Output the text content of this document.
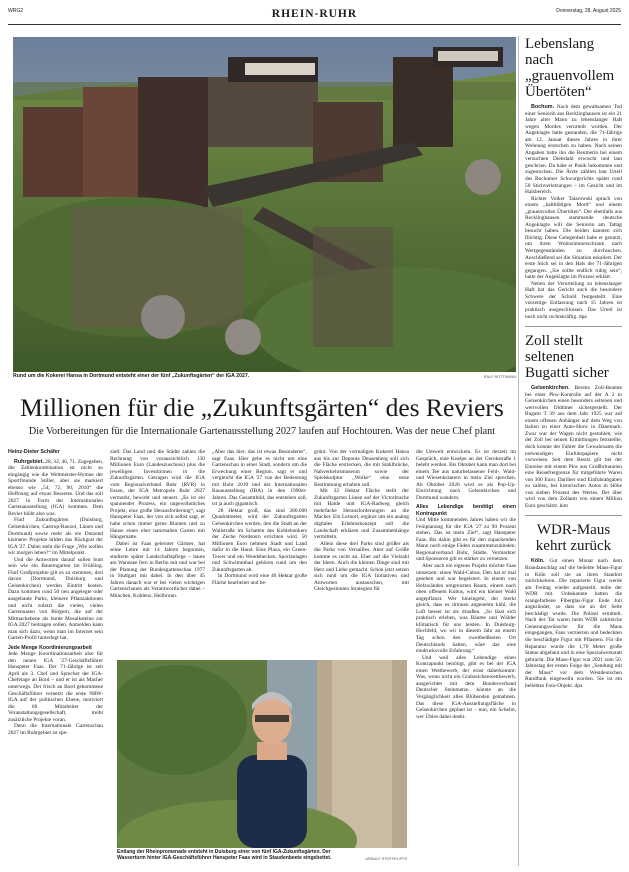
WRG2	Donnerstag, 28. August 2025
RHEIN-RUHR
Rund um die Kokerei Hansa in Dortmund entsteht einer der fünf „Zukunftsgärten“ der IGA 2027.	RALF ROTTMANN
Millionen für die „Zukunftsgärten“ des Reviers
Die Vorbereitungen für die Internationale Gartenausstellung 2027 laufen auf Hochtouren. Was der neue Chef plant
Heinz-Dieter Schäfer

Ruhrgebiet. 28, 32, 46, 71. Zugegeben, die Zahlenkombination ist nicht so eingängig wie die Weltmeister-Hymne der Sportfreunde Stiller, aber sie markiert ebenso wie „54, 72, 90, 2010“ die Hoffnung auf etwas Besseres. Und das soll 2027 in Form der Internationalen Gartenausstellung (IGA) kommen. Dem Revier blüht also was.

Fünf Zukunftsgärten (Duisburg, Gelsenkirchen, Castrop-Rauxel, Lünen und Dortmund) sowie mehr als ein Dutzend kleinerer Projekte bilden das Rückgrat der IGA '27. Dabei steht die Frage „Wie wollen wir morgen leben?“ im Mittelpunkt.

Und die Antworten darauf sollen bunt sein wie ein Bauerngarten im Frühling. Fünf Großprojekte gilt es zu stemmen, drei davon (Dortmund, Duisburg und Gelsenkirchen) werden Eintritt kosten. Dazu kommen rund 50 neu angelegte oder ausgebaute Parks, kleinere Pflanzaktionen und nicht zuletzt die vielen, vielen Gartenoasen von Bürgern, die auf der Mitmachebene als bunte Mosaiksteine zur IGA 2027 beitragen sollen. Anmelden kann man sich dazu, wenn man im Internet sein Garten-Profil hinterlegt hat.

Jede Menge Koordinierungsarbeit

Jede Menge Koordinationsarbeit also für den neuen IGA '27-Geschäftsführer Hanspeter Faas. Der 71-Jährige ist seit April als 3. Chef und Sprecher der IGA-Chefetage an Bord – und er ist als Macher unterwegs. Der frisch an Bord gekommene Geschäftsführer vernetzt die erste NRW-IGA auf der politischen Ebene, motiviert die 60 Mitarbeiter der Veranstaltungsgesellschaft, treibt zusätzliche Projekte voran.

Denn die Internationale Gartenschau 2027 im Ruhrgebiet ist spe-

ziell: Das Land und die Städte zahlen die Rechnung von voraussichtlich 130 Millionen Euro (Landeszuschuss) plus die jeweiligen Investitionen in die Zukunftsgärten. Getragen wird die IGA vom Regionalverband Ruhr (RVR) in Essen, der IGA Metropole Ruhr 2027 vermarkt, bewirbt und steuert. „Es ist ein spannender Prozess, ein ungewöhnliches Projekt, eine große Herausforderung“, sagt Hanspeter Faas, der von sich selbst sagt, er habe schon immer gerne Blumen und zu Hause einen eher naturnahen Garten mit Hängematte.

Dabei ist Faas gelernter Gärtner, hat seine Lehre mit 14 Jahren begonnen, studierte später Landschaftspflege – baute am Wannsee fern in Berlin mit und war bei der Planung der Bundesgartenschau 1977 in Stuttgart mit dabei. In den über 45 Jahren danach war er bei vielen wichtigen Gartenschauen als Verantwortlicher dabei – München, Koblenz, Heilbronn.

„Aber das hier, das ist etwas Besonderes“, sagt Faas. Hier gehe es nicht um eine Gartenschau in einer Stadt, sondern um die Erweckung einer Region, sagt er und vergleicht die IGA '27 von der Bedeutung mit Ruhr 2010 und der Internationalen Bauausstellung (IBA) in den 1990er-Jahren. Das Gesamtbild, das entstehen soll, ist ja auch gigantisch.

28 Hektar groß, das sind 280.000 Quadratmeter, wird der Zukunftsgarten Gelsenkirchen werden, den die Stadt an der Wallstraße im Schatten des Kohlebunkers der Zeche Nordstern errichten wird. 50 Millionen Euro nehmen Stadt und Land dafür in die Hand. Eine Plaza, ein Green-Tower und ein Wendebecken, Sportanlagen und Schwimmbad gehören rund um den Zukunftsgarten ab.

In Dortmund wird eine 46 Hektar große Fläche bearbeitet und be-

grünt. Von der vormaligen Kokerei Hansa aus bis zur Deponie Deusenberg soll sich die Fläche erstrecken, die mit Stahlbrücke, Nahverkehrsmuseum sowie der Spielskulptur „Wolke“ eine neue Bestimmung erhalten soll.

Mit 32 Hektar Fläche stellt der Zukunftsgarten Lünen auf der Victorbrache mit Halde und IGA-Radweg gleich mehrfache Herausforderungen an die Macher. Ein Lernort, ergänzt um ein analog digitales Erlebniskonzept soll die Landschaft erklären und Zusammenhänge vermitteln.

Allein diese drei Parks sind größer als die Parks von Versailles. Aber auf Größe komme es nicht an. Eher auf die Vielzahl der Ideen. Auch die kleinen Dinge sind mit Herz und Liebe gemacht. Schon jetzt setzen sich rund um die IGA Initiativen und Antworten austauschen, mit Gleichgesinnten Strategien für

die Umwelt entwickeln. Es ist derzeit im Gespräch, eine Kneipe an der Gerokstraße 1 belebt werden. Bis Oktober kann man dort bei einem Tee aus naturbelassener Feld-, Wald- und Wiesenkräutern in mein Ziel sprechen. Ab Oktober 2026 wird es als Pop-Up-Einrichtung nach Gelsenkirchen und Dortmund wandern.

Alles Lebendige benötigt einen Kontrapunkt

Und Mitte kommenden Jahres haben wir die Feinplanung für die IGA '27 zu 90 Prozent stehen. Das ist mein Ziel“, sagt Hanspeter Faas. Bis dahin gibt es für den zupackenden Mann noch einige Fäden zusammenzubinden: Regionalverband Ruhr, Städte, Vermarkter und Sponsoren gilt es stärker zu vernetzen.

Aber auch ein eigenes Projekt möchte Faas umsetzen: einen Wald-Cubus. Den hat er mal gesehen und war begeistert. In einem von Holzwänden umgrenzten Raum, einem nach oben offenem Kubus, wird ein kleiner Wald angepflanzt. Wer hineingeht, der merkt gleich, dass es drinnen angenehm kühl, die Luft besser ist als draußen. „So lässt sich praktisch erleben, was Bäume und Wälder klimatisch für uns leisten. In Duisburg-Hochfeld, wo wir in diesem Jahr an einem Tag schon den zweitheißesten Ort Deutschlands hatten, wäre das eine eindrucksvolle Erfahrung.“

Und weil alles Lebendige einen Kontrapunkt benötigt, gibt es bei der IGA einen Wettbewerb, der ernst daherkommt: Was, wenn nicht ein Grabzeichenwettbewerb, ausgerichtet mit dem Bundesverband Deutscher Steinmetze, könnte an die Vergänglichkeit alles Blühenden gemahnen. Das diese IGA-Ausstellungsfläche in Gelsenkirchen geplant ist – nun, ein Schelm, wer Übles dabei denkt.

Entlang der Rheinpromenade entsteht in Duisburg einer von fünf IGA-Zukunftsgärten. Der Wasserturm hinter IGA-Geschäftsführer Hanspeter Faas wird in Staudenbeete eingebettet.	ARNULF STOFFEL/FFS
Lebenslang nach „grauenvollem Übertöten“

Bochum. Nach dem gewaltsamen Tod einer Seniorin aus Recklinghausen ist ein 21 Jahre alter Mann zu lebenslanger Haft wegen Mordes verurteilt worden. Der Angeklagte hatte gestanden, die 71-Jährige am 12. Januar dieses Jahres in ihrer Wohnung erstochen zu haben. Nach seinen Angaben hatte ihn die Rentnerin bei einem versuchten Diebstahl erwischt und laut geschrien. Da habe er Panik bekommen und zugestochen. Die Ärzte zählten laut Urteil des Bochumer Schwurgerichts später rund 50 Stichverletzungen – im Gesicht und im Halsbereich.

Richter Volker Talarowski sprach von einem „kaltblütigen Mord“ und einem „grauenvollen Übertöten“. Der ebenfalls aus Recklinghausen stammende deutsche Angeklagte will die Seniorin am Tattag besucht haben. Die beiden kannten sich flüchtig. Diese Gelegenheit habe er genutzt, um ihren Wohnzimmerschrank nach Wertgegenständen zu durchsuchen. Anschließend sei die Situation eskaliert. Der erste Stich sei in den Hals der 71-Jährigen gegangen. „Sie sollte endlich ruhig sein“, hatte der Angeklagte im Prozess erklärt.

Neben der Verurteilung zu lebenslanger Haft hat das Gericht auch die besondere Schwere der Schuld festgestellt. Eine vorzeitige Entlassung nach 15 Jahren ist praktisch ausgeschlossen. Das Urteil ist noch nicht rechtskräftig. dpa

Zoll stellt seltenen Bugatti sicher

Gelsenkirchen. Bereits Zoll-Beamte bei einer Pkw-Kontrolle auf der A 2 in Gelsenkirchen einen besonders seltenen und wertvollen Oldtimer sichergestellt. Der Bugatti T 39 aus dem Jahr 1925 war auf einem offenen Anhänger auf dem Weg von Italien zu einer Auto-Show in Dänemark. Zwar war der Wagen nicht gestohlen, wie der Zoll bei seinen Ermittlungen feststellte, doch konnte der Fahrer die Gewahrsams die notwendigen Einfuhrpapiere nicht vorweisen. Seit dem Besitz gilt bei der Einreise mit einem Pkw aus Großbritannien eine Reisefreigrenze für mitgeführte Waren von 300 Euro. Darüber sind Einfuhrabgaben zu zahlen, bei historischen Autos in Höhe von sieben Prozent des Wertes. Der über wird von dem Zollamt von einem Million Euro geschätzt. kim

WDR-Maus kehrt zurück

Köln. Gut einen Monat nach dem Brandanschlag auf die beliebte Maus-Figur in Köln soll sie an ihren Standort zurückkehren. Die reparierte Figur werde am Freitag wieder aufgestellt, teilte der WDR mit. Unbekannte hatten die orangefarbene Fiberglas-Figur Ende Juli angezündet, so dass sie an der Seite beschädigt wurde. Die Polizei ermittelt. Nach der Tat waren beim WDR zahlreiche Genesungswünsche für die Maus eingegangen, Fans verzierten und bedeckten die beschädigte Figur mit Pflastern. Für die Reparatur wurde die 1,70 Meter große Statue abgebaut und in eine Spezialwerkstatt gebracht. Die Maus-Figur war 2021 zum 50. Jahrestag der ersten Folge der „Sendung mit der Maus“ vor dem Westdeutschen Rundfunk eingeweiht worden. Sie ist ein beliebtes Foto-Objekt. dpa
